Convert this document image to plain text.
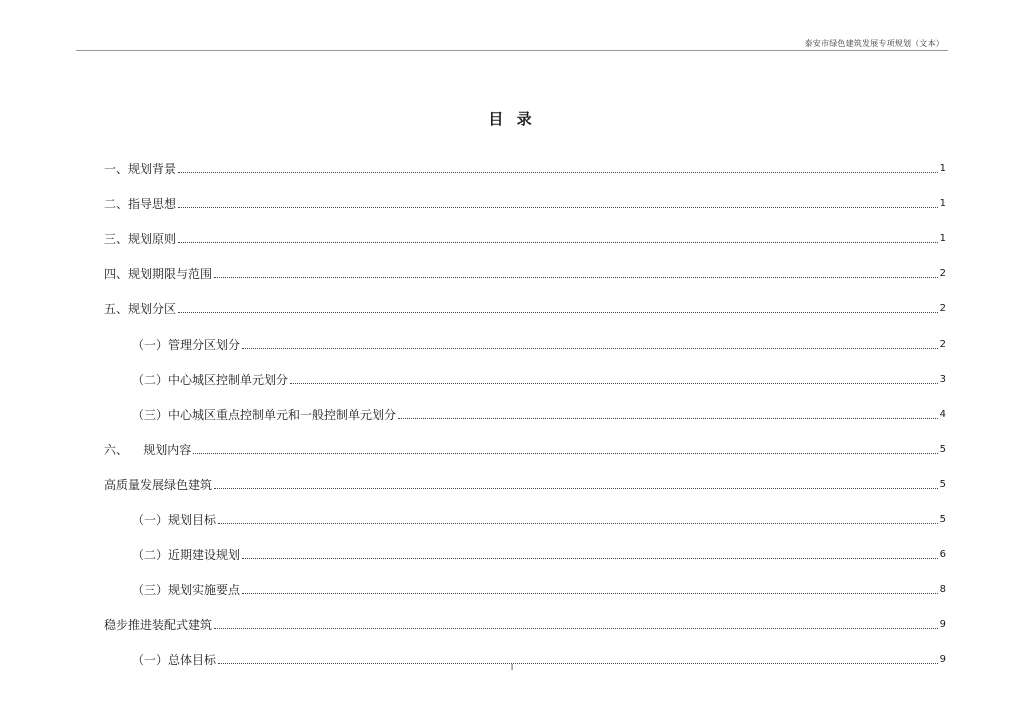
泰安市绿色建筑发展专项规划（文本）
目 录
一、规划背景	1
二、指导思想	1
三、规划原则	1
四、规划期限与范围	2
五、规划分区	2
（一）管理分区划分	2
（二）中心城区控制单元划分	3
（三）中心城区重点控制单元和一般控制单元划分	4
六、    规划内容	5
高质量发展绿色建筑	5
（一）规划目标	5
（二）近期建设规划	6
（三）规划实施要点	8
稳步推进装配式建筑	9
（一）总体目标	9
I
